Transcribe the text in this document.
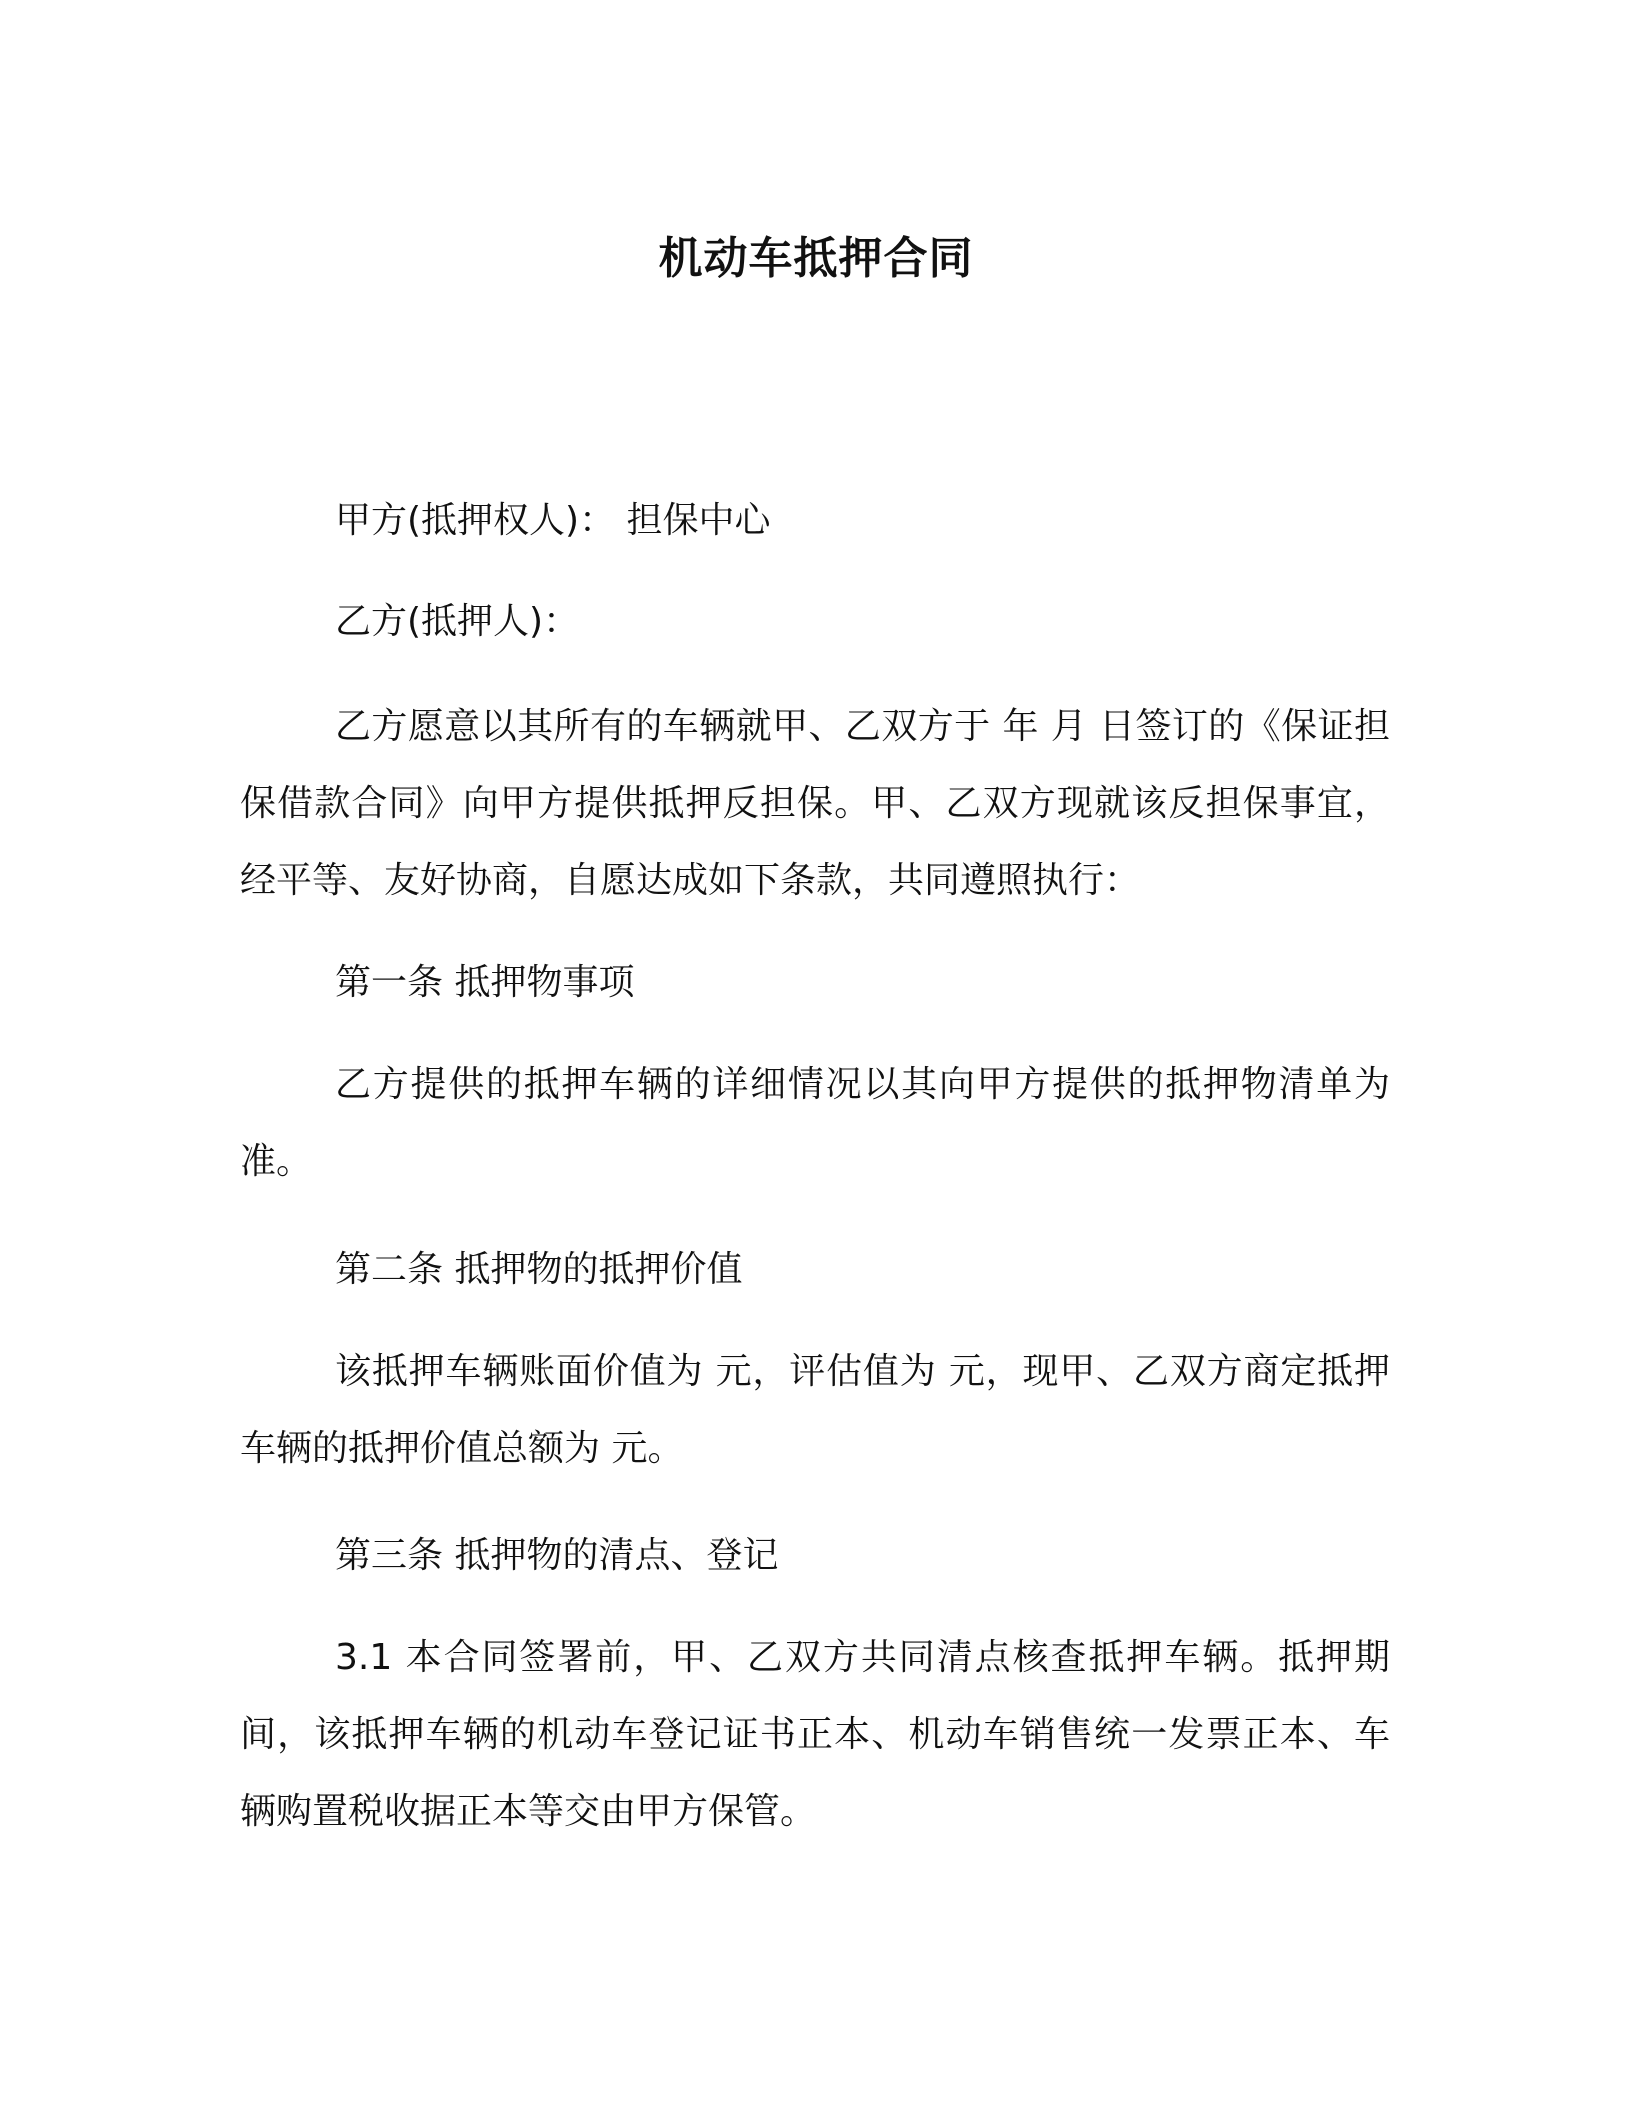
机动车抵押合同

甲方(抵押权人)： 担保中心

乙方(抵押人)：

乙方愿意以其所有的车辆就甲、乙双方于 年 月 日签订的《保证担保借款合同》向甲方提供抵押反担保。甲、乙双方现就该反担保事宜，经平等、友好协商，自愿达成如下条款，共同遵照执行：

第一条 抵押物事项

乙方提供的抵押车辆的详细情况以其向甲方提供的抵押物清单为准。

第二条 抵押物的抵押价值

该抵押车辆账面价值为 元，评估值为 元，现甲、乙双方商定抵押车辆的抵押价值总额为 元。

第三条 抵押物的清点、登记

3.1 本合同签署前，甲、乙双方共同清点核查抵押车辆。抵押期间，该抵押车辆的机动车登记证书正本、机动车销售统一发票正本、车辆购置税收据正本等交由甲方保管。
